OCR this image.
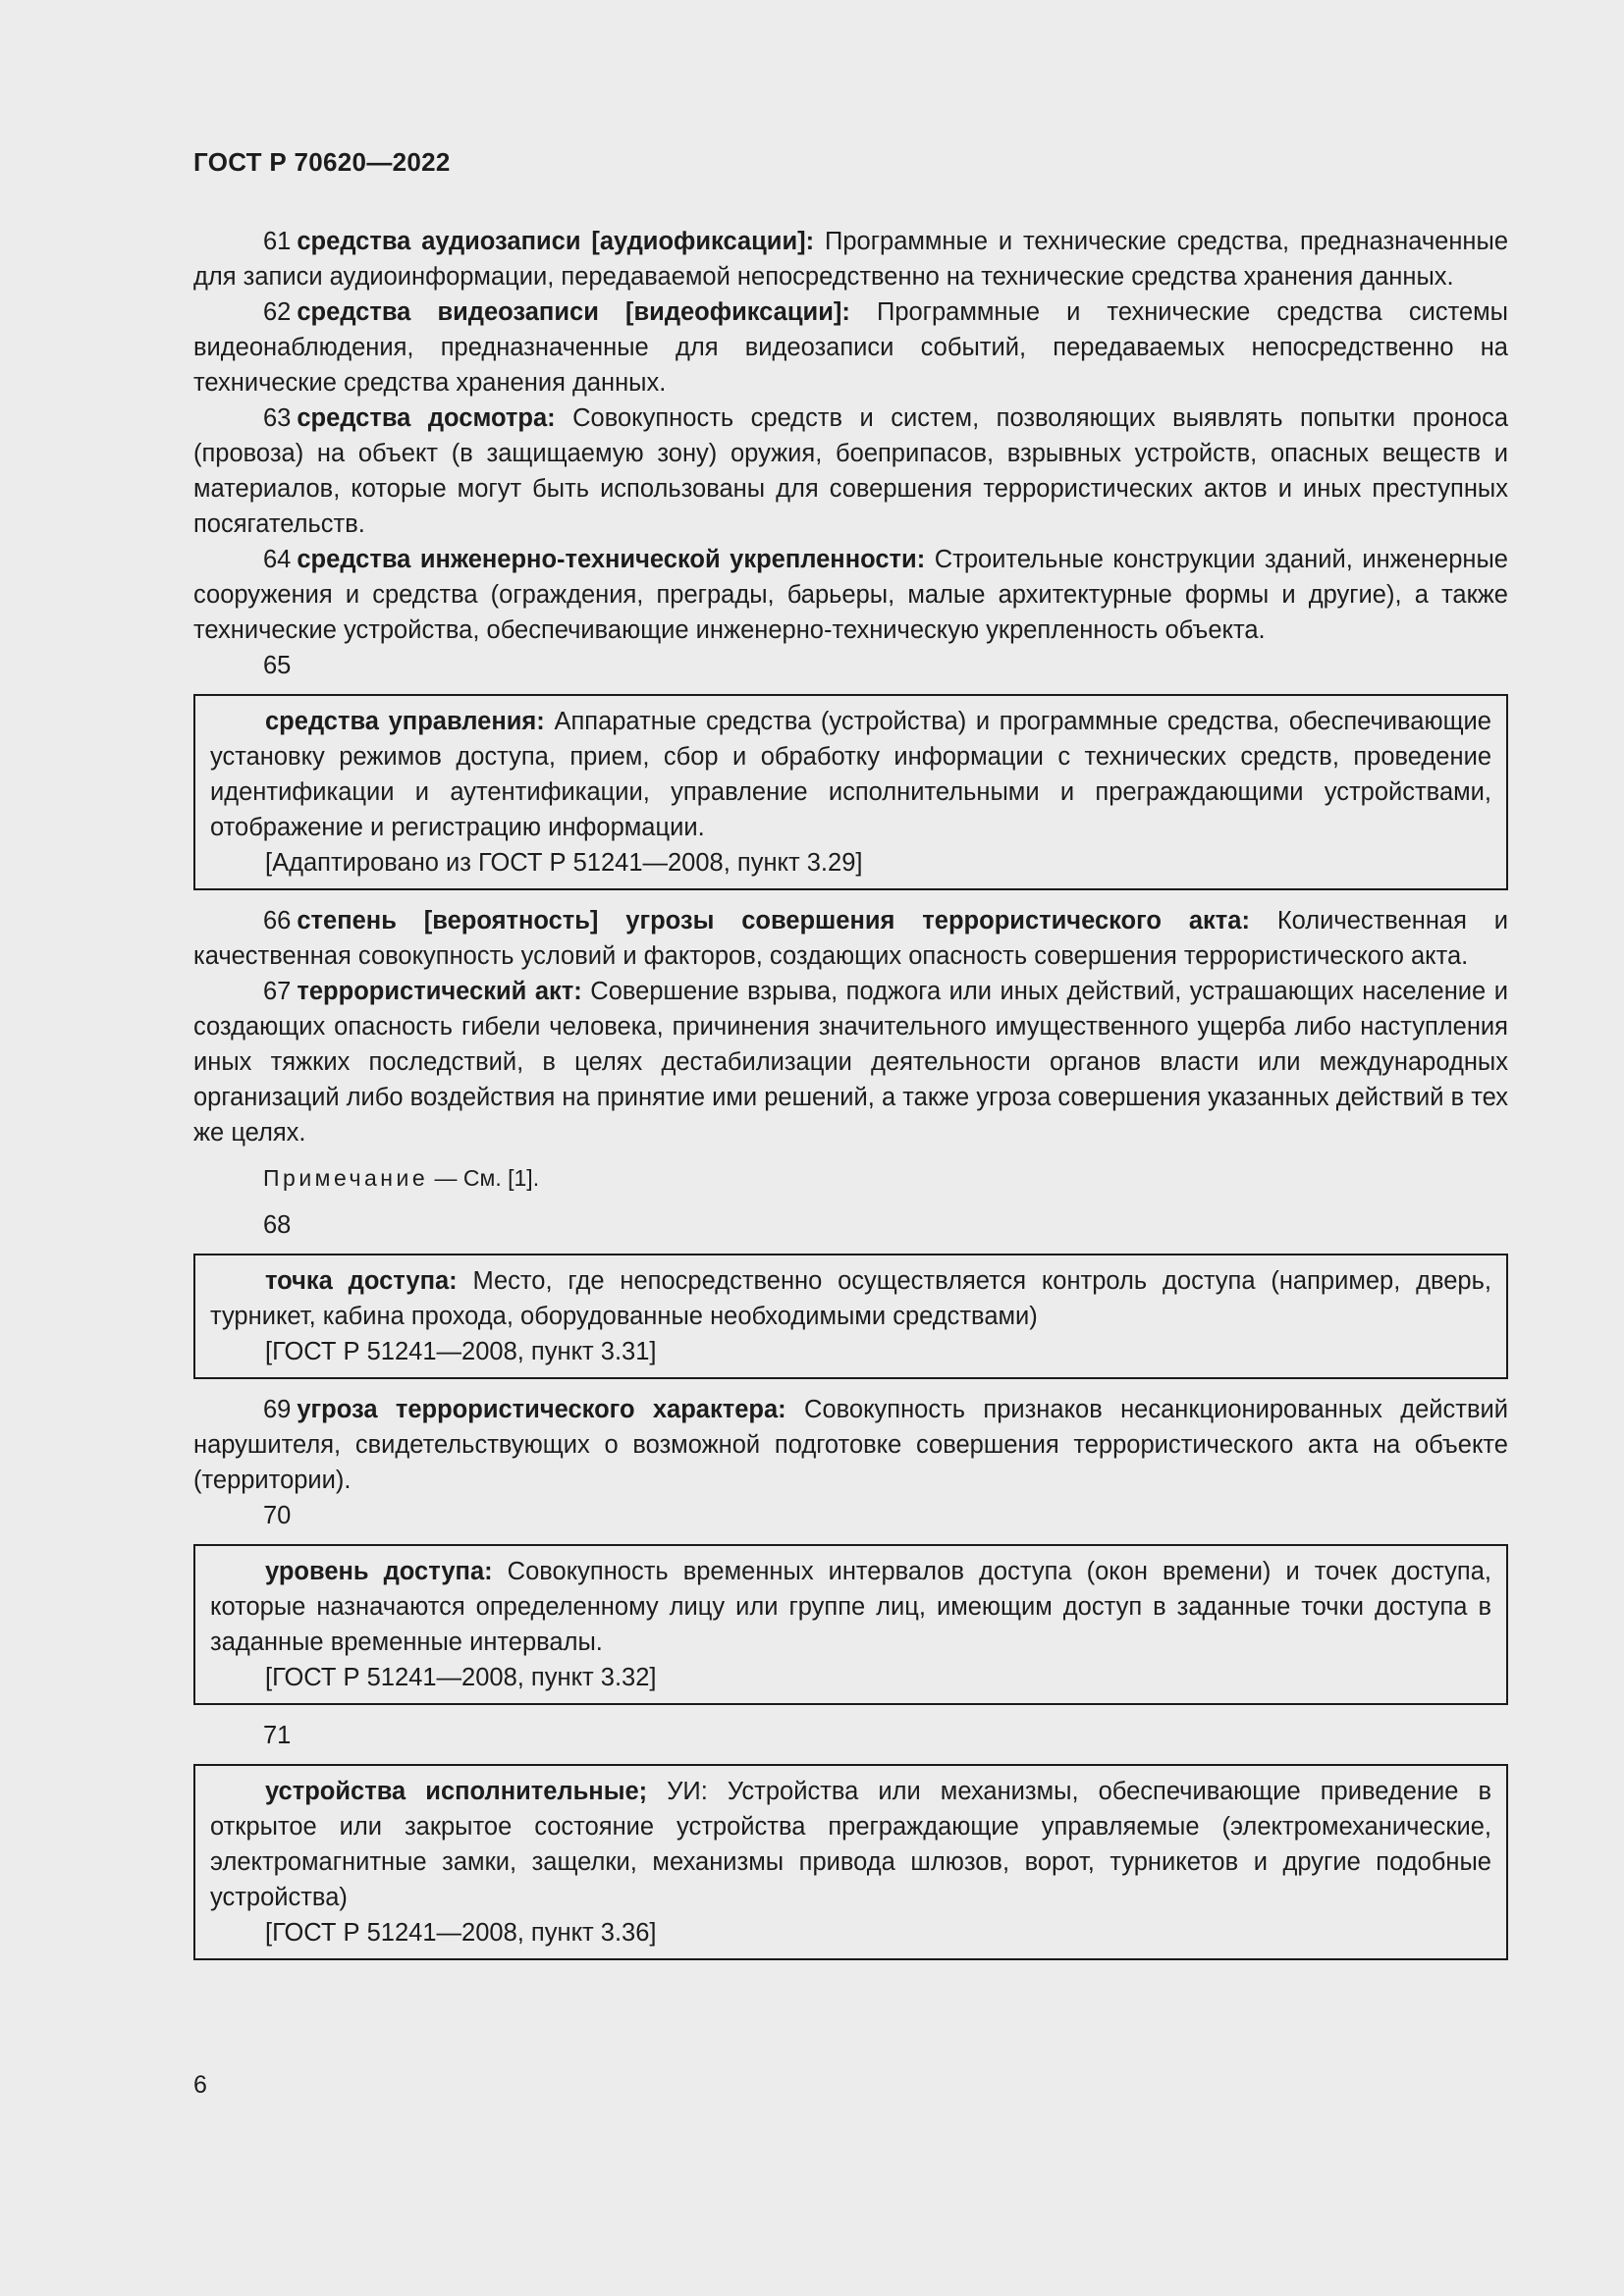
ГОСТ Р 70620—2022

61 средства аудиозаписи [аудиофиксации]: Программные и технические средства, предназначенные для записи аудиоинформации, передаваемой непосредственно на технические средства хранения данных.

62 средства видеозаписи [видеофиксации]: Программные и технические средства системы видеонаблюдения, предназначенные для видеозаписи событий, передаваемых непосредственно на технические средства хранения данных.

63 средства досмотра: Совокупность средств и систем, позволяющих выявлять попытки проноса (провоза) на объект (в защищаемую зону) оружия, боеприпасов, взрывных устройств, опасных веществ и материалов, которые могут быть использованы для совершения террористических актов и иных преступных посягательств.

64 средства инженерно-технической укрепленности: Строительные конструкции зданий, инженерные сооружения и средства (ограждения, преграды, барьеры, малые архитектурные формы и другие), а также технические устройства, обеспечивающие инженерно-техническую укрепленность объекта.

65

средства управления: Аппаратные средства (устройства) и программные средства, обеспечивающие установку режимов доступа, прием, сбор и обработку информации с технических средств, проведение идентификации и аутентификации, управление исполнительными и преграждающими устройствами, отображение и регистрацию информации.

[Адаптировано из ГОСТ Р 51241—2008, пункт 3.29]

66 степень [вероятность] угрозы совершения террористического акта: Количественная и качественная совокупность условий и факторов, создающих опасность совершения террористического акта.

67 террористический акт: Совершение взрыва, поджога или иных действий, устрашающих население и создающих опасность гибели человека, причинения значительного имущественного ущерба либо наступления иных тяжких последствий, в целях дестабилизации деятельности органов власти или международных организаций либо воздействия на принятие ими решений, а также угроза совершения указанных действий в тех же целях.

Примечание — См. [1].

68

точка доступа: Место, где непосредственно осуществляется контроль доступа (например, дверь, турникет, кабина прохода, оборудованные необходимыми средствами)

[ГОСТ Р 51241—2008, пункт 3.31]

69 угроза террористического характера: Совокупность признаков несанкционированных действий нарушителя, свидетельствующих о возможной подготовке совершения террористического акта на объекте (территории).

70

уровень доступа: Совокупность временных интервалов доступа (окон времени) и точек доступа, которые назначаются определенному лицу или группе лиц, имеющим доступ в заданные точки доступа в заданные временные интервалы.

[ГОСТ Р 51241—2008, пункт 3.32]

71

устройства исполнительные; УИ: Устройства или механизмы, обеспечивающие приведение в открытое или закрытое состояние устройства преграждающие управляемые (электромеханические, электромагнитные замки, защелки, механизмы привода шлюзов, ворот, турникетов и другие подобные устройства)

[ГОСТ Р 51241—2008, пункт 3.36]

6
